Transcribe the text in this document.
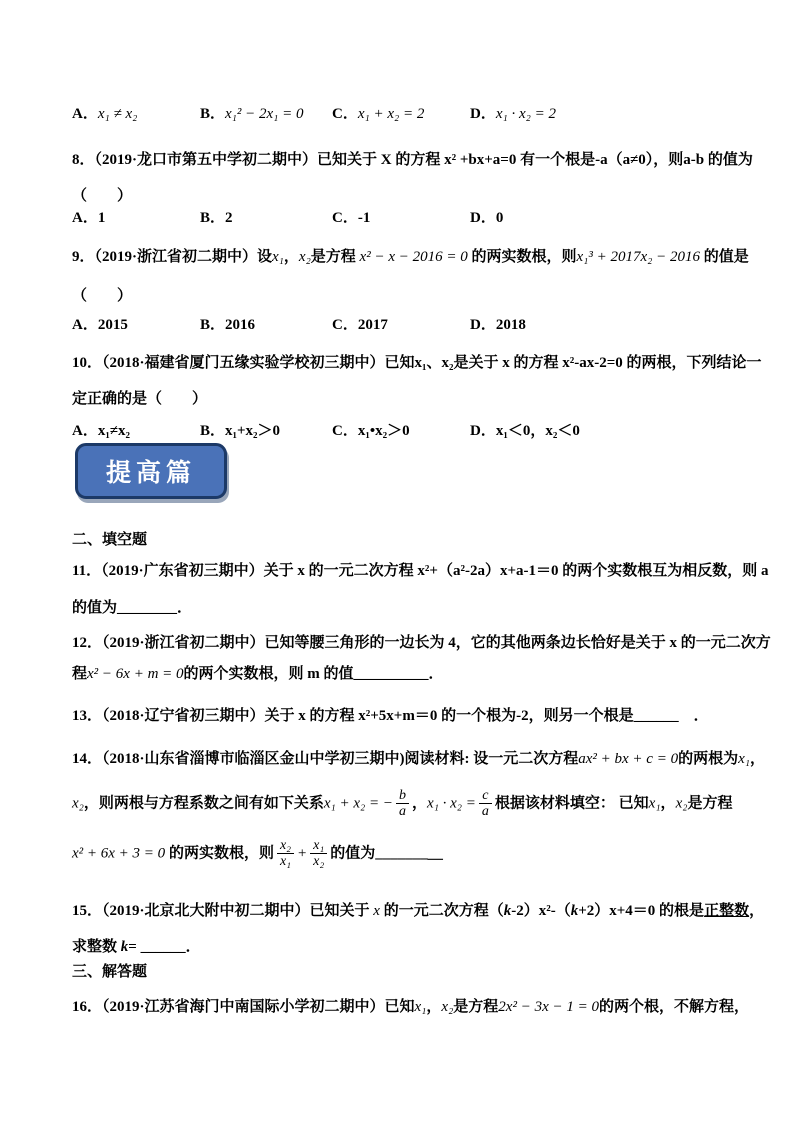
A．x₁ ≠ x₂	B．x₁² − 2x₁ = 0	C．x₁ + x₂ = 2	D．x₁ · x₂ = 2
8．（2019·龙口市第五中学初二期中）已知关于 X 的方程 x² +bx+a=0 有一个根是-a（a≠0），则a-b 的值为
（　　）
A．1	B．2	C．-1	D．0
9．（2019·浙江省初二期中）设x₁，x₂是方程 x² − x − 2016 = 0 的两实数根，则x₁³ + 2017x₂ − 2016 的值是
（　　）
A．2015	B．2016	C．2017	D．2018
10．（2018·福建省厦门五缘实验学校初三期中）已知x₁、x₂是关于 x 的方程 x²-ax-2=0 的两根，下列结论一
定正确的是（　　）
A．x₁≠x₂	B．x₁+x₂＞0	C．x₁•x₂＞0	D．x₁＜0，x₂＜0
提高篇
二、填空题
11．（2019·广东省初三期中）关于 x 的一元二次方程 x²+（a²-2a）x+a-1＝0 的两个实数根互为相反数，则 a
的值为________．
12．（2019·浙江省初二期中）已知等腰三角形的一边长为 4，它的其他两条边长恰好是关于 x 的一元二次方
程x² − 6x + m = 0的两个实数根，则 m 的值__________．
13．（2018·辽宁省初三期中）关于 x 的方程 x²+5x+m＝0 的一个根为-2，则另一个根是______　．
14．（2018·山东省淄博市临淄区金山中学初三期中)阅读材料: 设一元二次方程ax² + bx + c = 0的两根为x₁，
x₂，则两根与方程系数之间有如下关系x₁ + x₂ = − $\frac{b}{a}$ ，$x_1 \cdot x_2 = \frac{c}{a}$ 根据该材料填空： 已知x₁，x₂是方程
x² + 6x + 3 = 0 的两实数根，则 $\frac{\text{x₂}}{\text{x₁}} + \frac{\text{x₁}}{\text{x₂}}$ 的值为_______＿
15．（2019·北京北大附中初二期中）已知关于 x 的一元二次方程（k-2）x²-（k+2）x+4＝0 的根是正整数，
求整数 k= ______．
三、解答题
16．（2019·江苏省海门中南国际小学初二期中）已知x₁，x₂是方程2x² − 3x − 1 = 0的两个根，不解方程，
